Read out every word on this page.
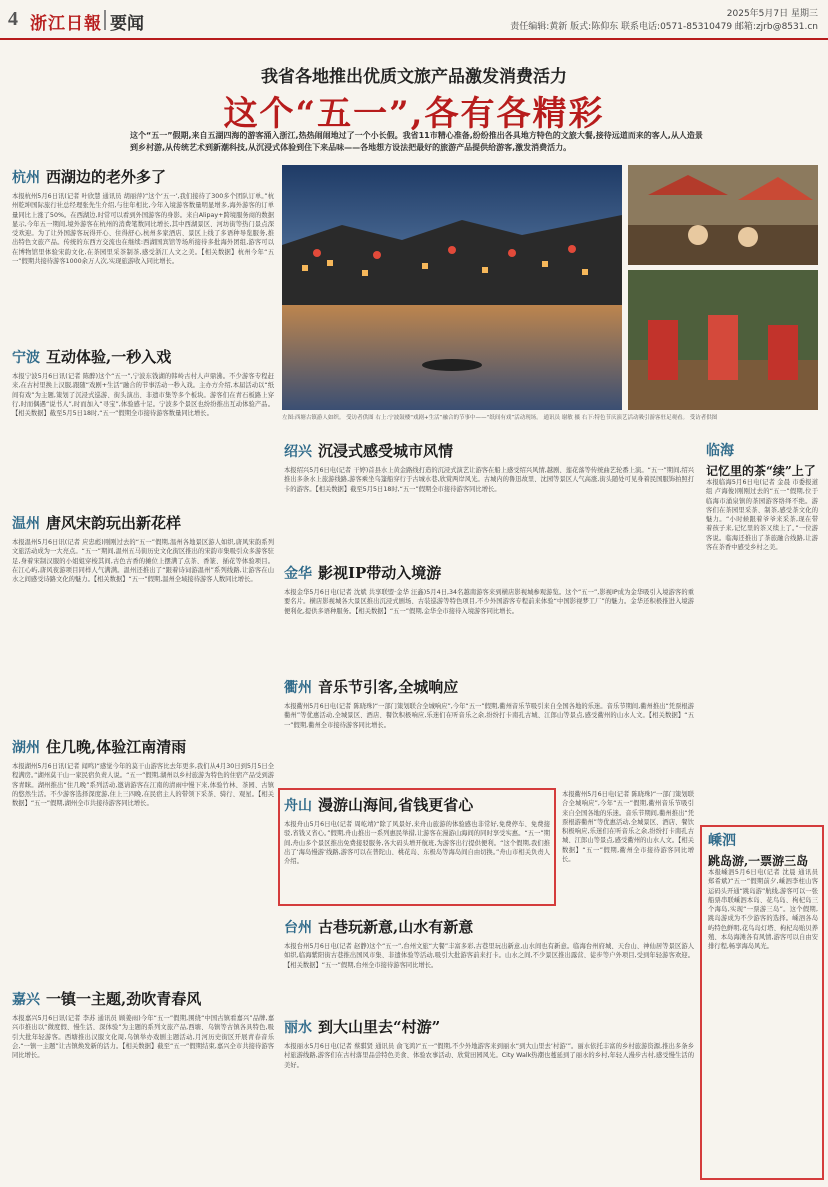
4 浙江日報 要闻	2025年5月7日 星期三
责任编辑:黄新 版式:陈仰东 联系电话:0571-85310479 邮箱:zjrb@8531.cn
我省各地推出优质文旅产品激发消费活力
这个“五一”,各有各精彩
这个“五一”假期,来自五湖四海的游客涌入浙江,热热闹闹地过了一个小长假。我省11市精心准备,纷纷推出各具地方特色的文旅大餐,接待远道而来的客人,从人造景到乡村游,从传统艺术到新潮科技,从沉浸式体验到住下来品味——各地想方设法把最好的旅游产品提供给游客,激发消费活力。
左图:西塘古镇游人如织。 受访者供图 右上:宁波鼓楼“戏剧+生活”融合的节事中——“纸间有戏”活动现场。 通讯员 谢敏 摄 右下:特色节庆演艺活动吸引游客驻足观看。 受访者供图
杭州 西湖边的老外多了
本报杭州5月6日讯(记者 叶欣慧 通讯员 胡丽萍)“这个‘五一’,我们接待了300多个团队订单。”杭州乾坤国际旅行社总经理张先生介绍,与往年相比,今年入境游客数量明显增多,海外游客的订单量同比上涨了50%。在西湖边,时常可以看到外国游客的身影。来自Alipay+跨境服务商的数据显示,今年五一期间,境外游客在杭州的消费笔数同比增长,其中西湖景区、河坊街等热门景点深受欢迎。为了让外国游客玩得开心、住得舒心,杭州多家酒店、景区上线了多语种导览服务,推出特色文旅产品。传统的东西方交流也在继续:西湖国宾馆等场所接待多批海外团组,游客可以在博物馆里体验宋韵文化,在茶园里采茶制茶,感受浙江人文之美。【相关数据】杭州今年“五一”假期共接待游客1000余万人次,实现旅游收入同比增长。
宁波 互动体验,一秒入戏
本报宁波5月6日讯(记者 陈醉)这个“五一”,宁波东钱湖的韩岭古村人声鼎沸。不少游客专程赶来,在古村里换上汉服,跟随“戏剧+生活”融合的节事活动一秒入戏。主办方介绍,本届活动以“纸间有戏”为主题,策划了沉浸式巡游、街头演出、非遗市集等多个板块。游客们在青石板路上穿行,时而偶遇“说书人”,时而加入“寻宝”,体验感十足。宁波多个景区也纷纷推出互动体验产品。【相关数据】截至5月5日18时,“五一”假期全市接待游客数量同比增长。
温州 唐风宋韵玩出新花样
本报温州5月6日讯(记者 应忠彪)刚刚过去的“五一”假期,温州各地景区游人如织,唐风宋韵系列文旅活动成为一大亮点。“五一”期间,温州五马街历史文化街区推出的宋韵市集吸引众多游客驻足,身着宋制汉服的小姐姐穿梭其间,古色古香的摊位上摆满了点茶、香篆、插花等体验项目。在江心屿,唐风夜游项目同样人气满满。温州还推出了“跟着诗词游温州”系列线路,让游客在山水之间感受诗路文化的魅力。【相关数据】“五一”假期,温州全域接待游客人数同比增长。
湖州 住几晚,体验江南清雨
本报湖州5月6日讯(记者 闻鸣)“感觉今年的莫干山游客比去年更多,我们从4月30日到5月5日全程满房。”湖州莫干山一家民宿负责人说。“五一”假期,湖州以乡村旅游为特色的住宿产品受到游客青睐。湖州推出“住几晚”系列活动,邀请游客在江南的清雨中慢下来,体验竹林、茶园、古镇的悠然生活。不少游客选择深度游,住上三四晚,在民宿主人的带领下采茶、骑行、观星。【相关数据】“五一”假期,湖州全市共接待游客同比增长。
嘉兴 一镇一主题,劲吹青春风
本报嘉兴5月6日讯(记者 李苏 通讯员 顾姜雨)今年“五一”假期,围绕“中国古镇看嘉兴”品牌,嘉兴市推出以“微度假、慢生活、深体验”为主题的系列文旅产品,西塘、乌镇等古镇各具特色,吸引大批年轻游客。西塘推出汉服文化周,乌镇举办戏剧主题活动,月河历史街区开展青春音乐会,“一镇一主题”让古镇焕发新的活力。【相关数据】截至“五一”假期结束,嘉兴全市共接待游客同比增长。
绍兴 沉浸式感受城市风情
本报绍兴5月6日电(记者 干婷)首县水上黄金路线打造的沉浸式演艺让游客在船上感受绍兴风情,越剧、莲花落等传统曲艺轮番上演。“五一”期间,绍兴推出多条水上旅游线路,游客乘坐乌篷船穿行于古城水巷,欣赏两岸风光。古城内的鲁迅故里、沈园等景区人气高涨,街头随处可见身着民国服饰拍照打卡的游客。【相关数据】截至5月5日18时,“五一”假期全市接待游客同比增长。
金华 影视IP带动入境游
本报金华5月6日电(记者 沈斌 共享联盟·金华 汪鑫)5月4日,34名越南游客来到横店影视城参观游览。这个“五一”,影视IP成为金华吸引入境游客的重要名片。横店影视城各大景区推出沉浸式剧场、古装巡游等特色项目,不少外国游客专程前来体验“中国影视梦工厂”的魅力。金华还积极推进入境游便利化,提供多语种服务。【相关数据】“五一”假期,金华全市接待入境游客同比增长。
衢州 音乐节引客,全城响应
本报衢州5月6日电(记者 陈晓珠)“一部门策划联合全城响应”,今年“五一”假期,衢州音乐节吸引来自全国各地的乐迷。音乐节期间,衢州推出“凭票根游衢州”等优惠活动,全城景区、酒店、餐饮积极响应,乐迷们在听音乐之余,纷纷打卡南孔古城、江郎山等景点,感受衢州的山水人文。【相关数据】“五一”假期,衢州全市接待游客同比增长。
舟山 漫游山海间,省钱更省心
本报舟山5月6日电(记者 周屹靖)“除了风景好,来舟山旅游的体验感也非常好,免费停车、免费接驳,省钱又省心。”假期,舟山推出一系列惠民举措,让游客在漫游山海间的同时享受实惠。“五一”期间,舟山多个景区推出免费接驳服务,各大码头增开航班,为游客出行提供便利。“这个假期,我们推出了‘海岛慢游’线路,游客可以在普陀山、桃花岛、东极岛等海岛间自由切换。”舟山市相关负责人介绍。
本报衢州5月6日电(记者 陈晓珠)“一部门策划联合全城响应”,今年“五一”假期,衢州音乐节吸引来自全国各地的乐迷。音乐节期间,衢州推出“凭票根游衢州”等优惠活动,全城景区、酒店、餐饮积极响应,乐迷们在听音乐之余,纷纷打卡南孔古城、江郎山等景点,感受衢州的山水人文。【相关数据】“五一”假期,衢州全市接待游客同比增长。
台州 古巷玩新意,山水有新意
本报台州5月6日电(记者 赵静)这个“五一”,台州文旅“大餐”丰富多彩,古巷里玩出新意,山水间也有新意。临海台州府城、天台山、神仙居等景区游人如织,临海紫阳街古巷推出国风市集、非遗体验等活动,吸引大批游客前来打卡。山水之间,不少景区推出露营、徒步等户外项目,受到年轻游客欢迎。【相关数据】“五一”假期,台州全市接待游客同比增长。
丽水 到大山里去“村游”
本报丽水5月6日电(记者 蔡骐贤 通讯员 俞飞鸿)“五一”假期,不少外地游客来到丽水“到大山里去‘村游’”。丽水依托丰富的乡村旅游资源,推出多条乡村旅游线路,游客们在古村落里品尝特色美食、体验农事活动、欣赏田园风光。City Walk热潮也蔓延到了丽水的乡村,年轻人漫步古村,感受慢生活的美好。
临海
记忆里的茶“续”上了
本报临海5月6日电(记者 金晨 市委报道组 卢海俊)刚刚过去的“五一”假期,位于临海市涌泉镇的茶园游客络绎不绝。游客们在茶园里采茶、制茶,感受茶文化的魅力。“小时候跟着爷爷来采茶,现在带着孩子来,记忆里的茶又续上了。”一位游客说。临海还推出了茶旅融合线路,让游客在茶香中感受乡村之美。
嵊泗
跳岛游,一票游三岛
本报嵊泗5月6日电(记者 沈晨 通讯员 郑希斌)“五一”假期前夕,嵊泗李柱山客运码头开通“跳岛游”航线,游客可以一张船票串联嵊泗本岛、花鸟岛、枸杞岛三个海岛,实现“一票游三岛”。这个假期,跳岛游成为不少游客的选择。嵊泗各岛屿特色鲜明,花鸟岛灯塔、枸杞岛贻贝养殖、本岛海滩各有风情,游客可以自由安排行程,畅享海岛风光。
